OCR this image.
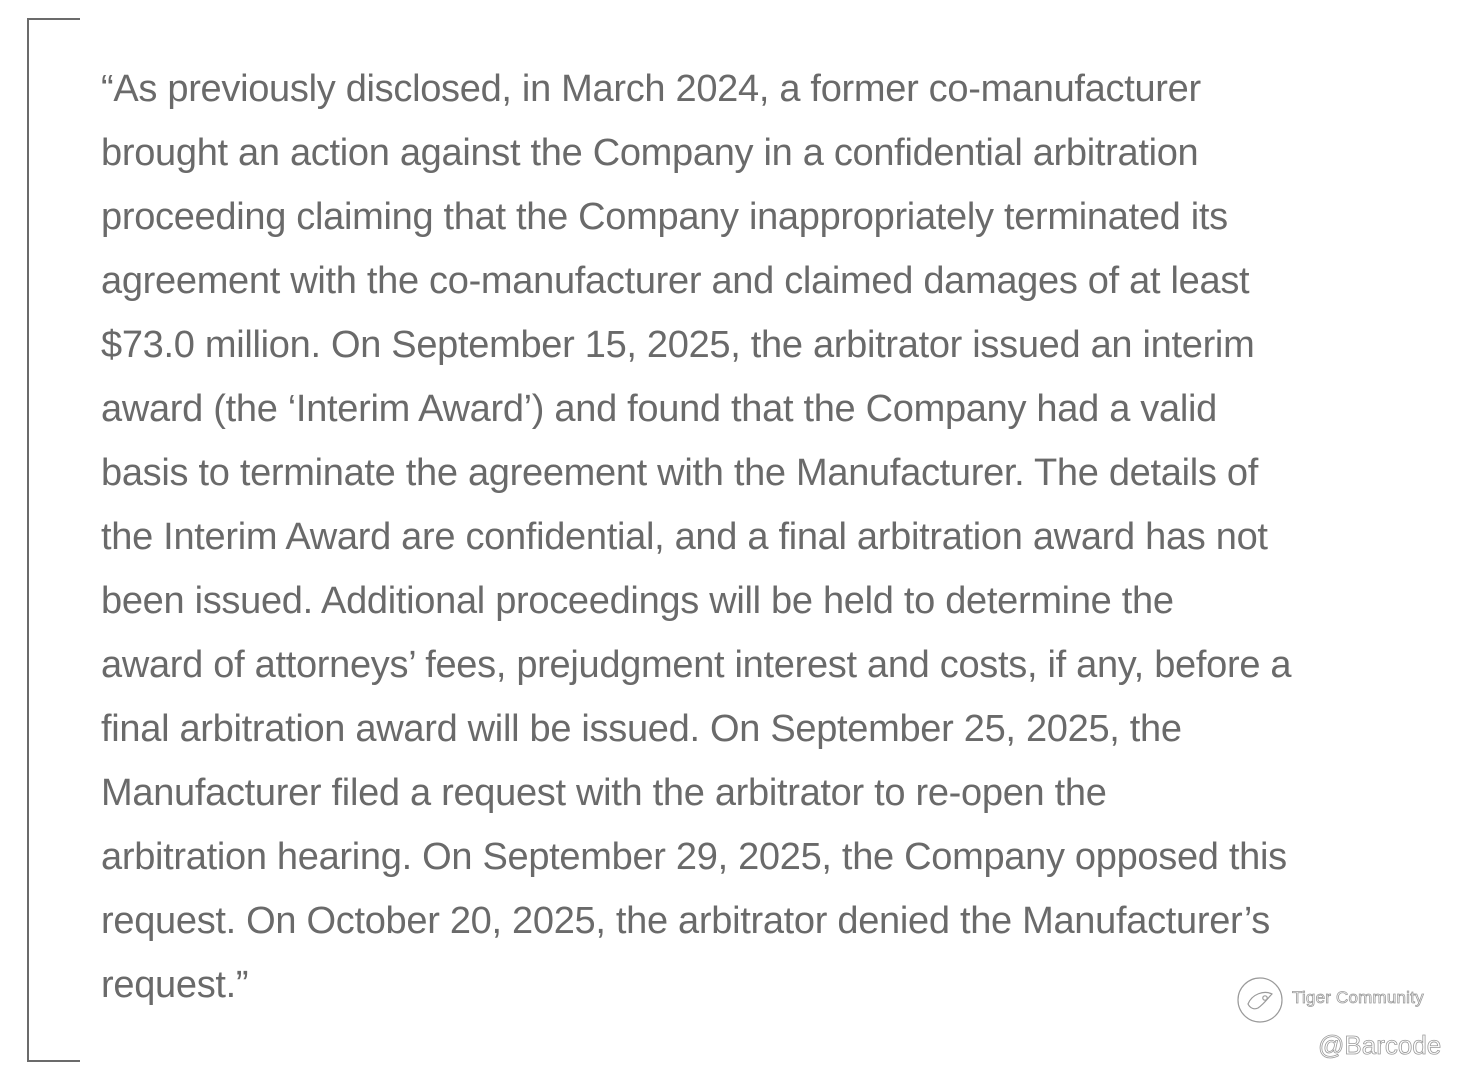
“As previously disclosed, in March 2024, a former co-manufacturer
brought an action against the Company in a confidential arbitration
proceeding claiming that the Company inappropriately terminated its
agreement with the co-manufacturer and claimed damages of at least
$73.0 million. On September 15, 2025, the arbitrator issued an interim
award (the ‘Interim Award’) and found that the Company had a valid
basis to terminate the agreement with the Manufacturer. The details of
the Interim Award are confidential, and a final arbitration award has not
been issued. Additional proceedings will be held to determine the
award of attorneys’ fees, prejudgment interest and costs, if any, before a
final arbitration award will be issued. On September 25, 2025, the
Manufacturer filed a request with the arbitrator to re-open the
arbitration hearing. On September 29, 2025, the Company opposed this
request. On October 20, 2025, the arbitrator denied the Manufacturer’s
request.”	Tiger Community
@Barcode
